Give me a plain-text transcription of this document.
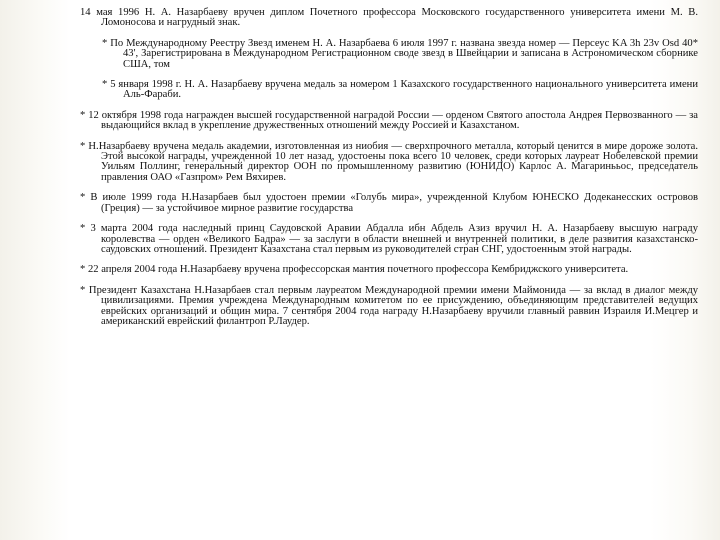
14 мая 1996 Н. А. Назарбаеву вручен диплом Почетного профессора Московского государственного университета имени М. В. Ломоносова и нагрудный знак.

* По Международному Реестру Звезд именем Н. А. Назарбаева 6 июля 1997 г. названа звезда номер — Персеус KA 3h 23v Osd 40* 43', Зарегистрирована в Международном Регистрационном своде звезд в Швейцарии и записана в Астрономическом сборнике США, том

* 5 января 1998 г. Н. А. Назарбаеву вручена медаль за номером 1 Казахского государственного национального университета имени Аль-Фараби.

* 12 октября 1998 года награжден высшей государственной наградой России — орденом Святого апостола Андрея Первозванного — за выдающийся вклад в укрепление дружественных отношений между Россией и Казахстаном.

* Н.Назарбаеву вручена медаль академии, изготовленная из ниобия — сверхпрочного металла, который ценится в мире дороже золота. Этой высокой награды, учрежденной 10 лет назад, удостоены пока всего 10 человек, среди которых лауреат Нобелевской премии Уильям Поллинг, генеральный директор ООН по промышленному развитию (ЮНИДО) Карлос А. Магаринььос, председатель правления ОАО «Газпром» Рем Вяхирев.

* В июле 1999 года Н.Назарбаев был удостоен премии «Голубь мира», учрежденной Клубом ЮНЕСКО Додеканесских островов (Греция) — за устойчивое мирное развитие государства

* 3 марта 2004 года наследный принц Саудовской Аравии Абдалла ибн Абдель Азиз вручил Н. А. Назарбаеву высшую награду королевства — орден «Великого Бадра» — за заслуги в области внешней и внутренней политики, в деле развития казахстанско-саудовских отношений. Президент Казахстана стал первым из руководителей стран СНГ, удостоенным этой награды.

* 22 апреля 2004 года Н.Назарбаеву вручена профессорская мантия почетного профессора Кембриджского университета.

* Президент Казахстана Н.Назарбаев стал первым лауреатом Международной премии имени Маймонида — за вклад в диалог между цивилизациями. Премия учреждена Международным комитетом по ее присуждению, объединяющим представителей ведущих еврейских организаций и общин мира. 7 сентября 2004 года награду Н.Назарбаеву вручили главный раввин Израиля И.Мецгер и американский еврейский филантроп Р.Лаудер.
